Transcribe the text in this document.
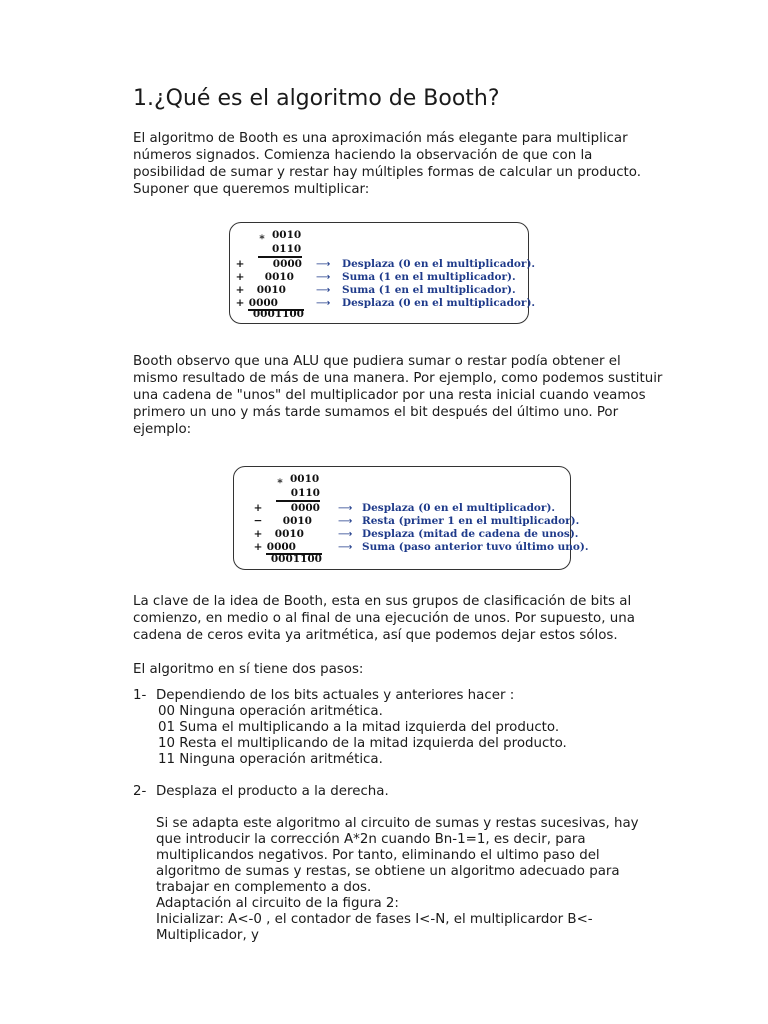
1.¿Qué es el algoritmo de Booth?

El algoritmo de Booth es una aproximación más elegante para multiplicar números signados. Comienza haciendo la observación de que con la posibilidad de sumar y restar hay múltiples formas de calcular un producto. Suponer que queremos multiplicar:

* 0010
0110
+	0000 ⟶ Desplaza (0 en el multiplicador).
+ 0010 ⟶ Suma (1 en el multiplicador).
+ 0010	⟶ Suma (1 en el multiplicador).
+ 0000	⟶ Desplaza (0 en el multiplicador).
0001100

Booth observo que una ALU que pudiera sumar o restar podía obtener el mismo resultado de más de una manera. Por ejemplo, como podemos sustituir una cadena de "unos" del multiplicador por una resta inicial cuando veamos primero un uno y más tarde sumamos el bit después del último uno. Por ejemplo:

* 0010
0110
+	0000 ⟶ Desplaza (0 en el multiplicador).
− 0010	⟶ Resta (primer 1 en el multiplicador).
+ 0010	⟶ Desplaza (mitad de cadena de unos).
+ 0000	⟶ Suma (paso anterior tuvo último uno).
0001100

La clave de la idea de Booth, esta en sus grupos de clasificación de bits al comienzo, en medio o al final de una ejecución de unos. Por supuesto, una cadena de ceros evita ya aritmética, así que podemos dejar estos sólos.

El algoritmo en sí tiene dos pasos:

1- Dependiendo de los bits actuales y anteriores hacer :
00 Ninguna operación aritmética.
01 Suma el multiplicando a la mitad izquierda del producto.
10 Resta el multiplicando de la mitad izquierda del producto.
11 Ninguna operación aritmética.
2- Desplaza el producto a la derecha.
Si se adapta este algoritmo al circuito de sumas y restas sucesivas, hay que introducir la corrección A*2n cuando Bn-1=1, es decir, para multiplicandos negativos. Por tanto, eliminando el ultimo paso del algoritmo de sumas y restas, se obtiene un algoritmo adecuado para trabajar en complemento a dos.
Adaptación al circuito de la figura 2:
Inicializar: A<-0 , el contador de fases I<-N, el multiplicardor B<-
Multiplicador, y
